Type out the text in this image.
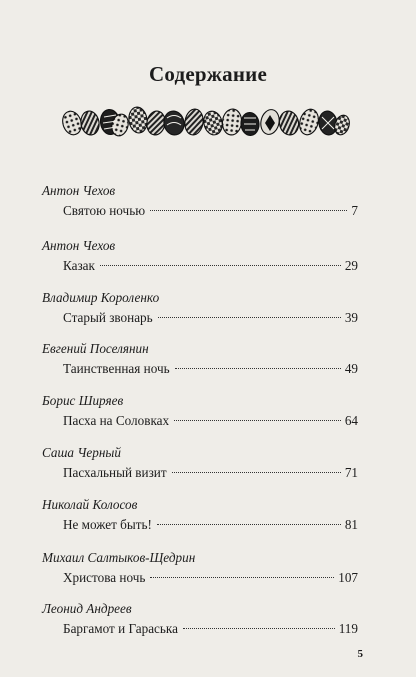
Содержание
Антон Чехов
Святою ночью	7
Антон Чехов
Казак	29
Владимир Короленко
Старый звонарь	39
Евгений Поселянин
Таинственная ночь	49
Борис Ширяев
Пасха на Соловках	64
Саша Черный
Пасхальный визит	71
Николай Колосов
Не может быть!	81
Михаил Салтыков-Щедрин
Христова ночь	107
Леонид Андреев
Баргамот и Гараська	119
5
